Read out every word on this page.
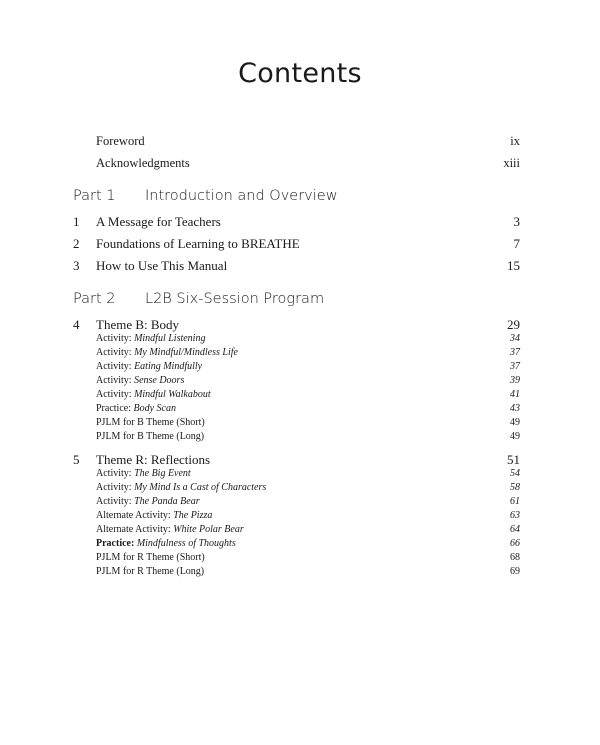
Contents
Foreword	ix
Acknowledgments	xiii
Part 1 Introduction and Overview
1 A Message for Teachers	3
2 Foundations of Learning to BREATHE	7
3 How to Use This Manual	15
Part 2 L2B Six-Session Program
4 Theme B: Body	29
Activity: Mindful Listening	34
Activity: My Mindful/Mindless Life	37
Activity: Eating Mindfully	37
Activity: Sense Doors	39
Activity: Mindful Walkabout	41
Practice: Body Scan	43
PJLM for B Theme (Short)	49
PJLM for B Theme (Long)	49
5 Theme R: Reflections	51
Activity: The Big Event	54
Activity: My Mind Is a Cast of Characters	58
Activity: The Panda Bear	61
Alternate Activity: The Pizza	63
Alternate Activity: White Polar Bear	64
Practice: Mindfulness of Thoughts	66
PJLM for R Theme (Short)	68
PJLM for R Theme (Long)	69
